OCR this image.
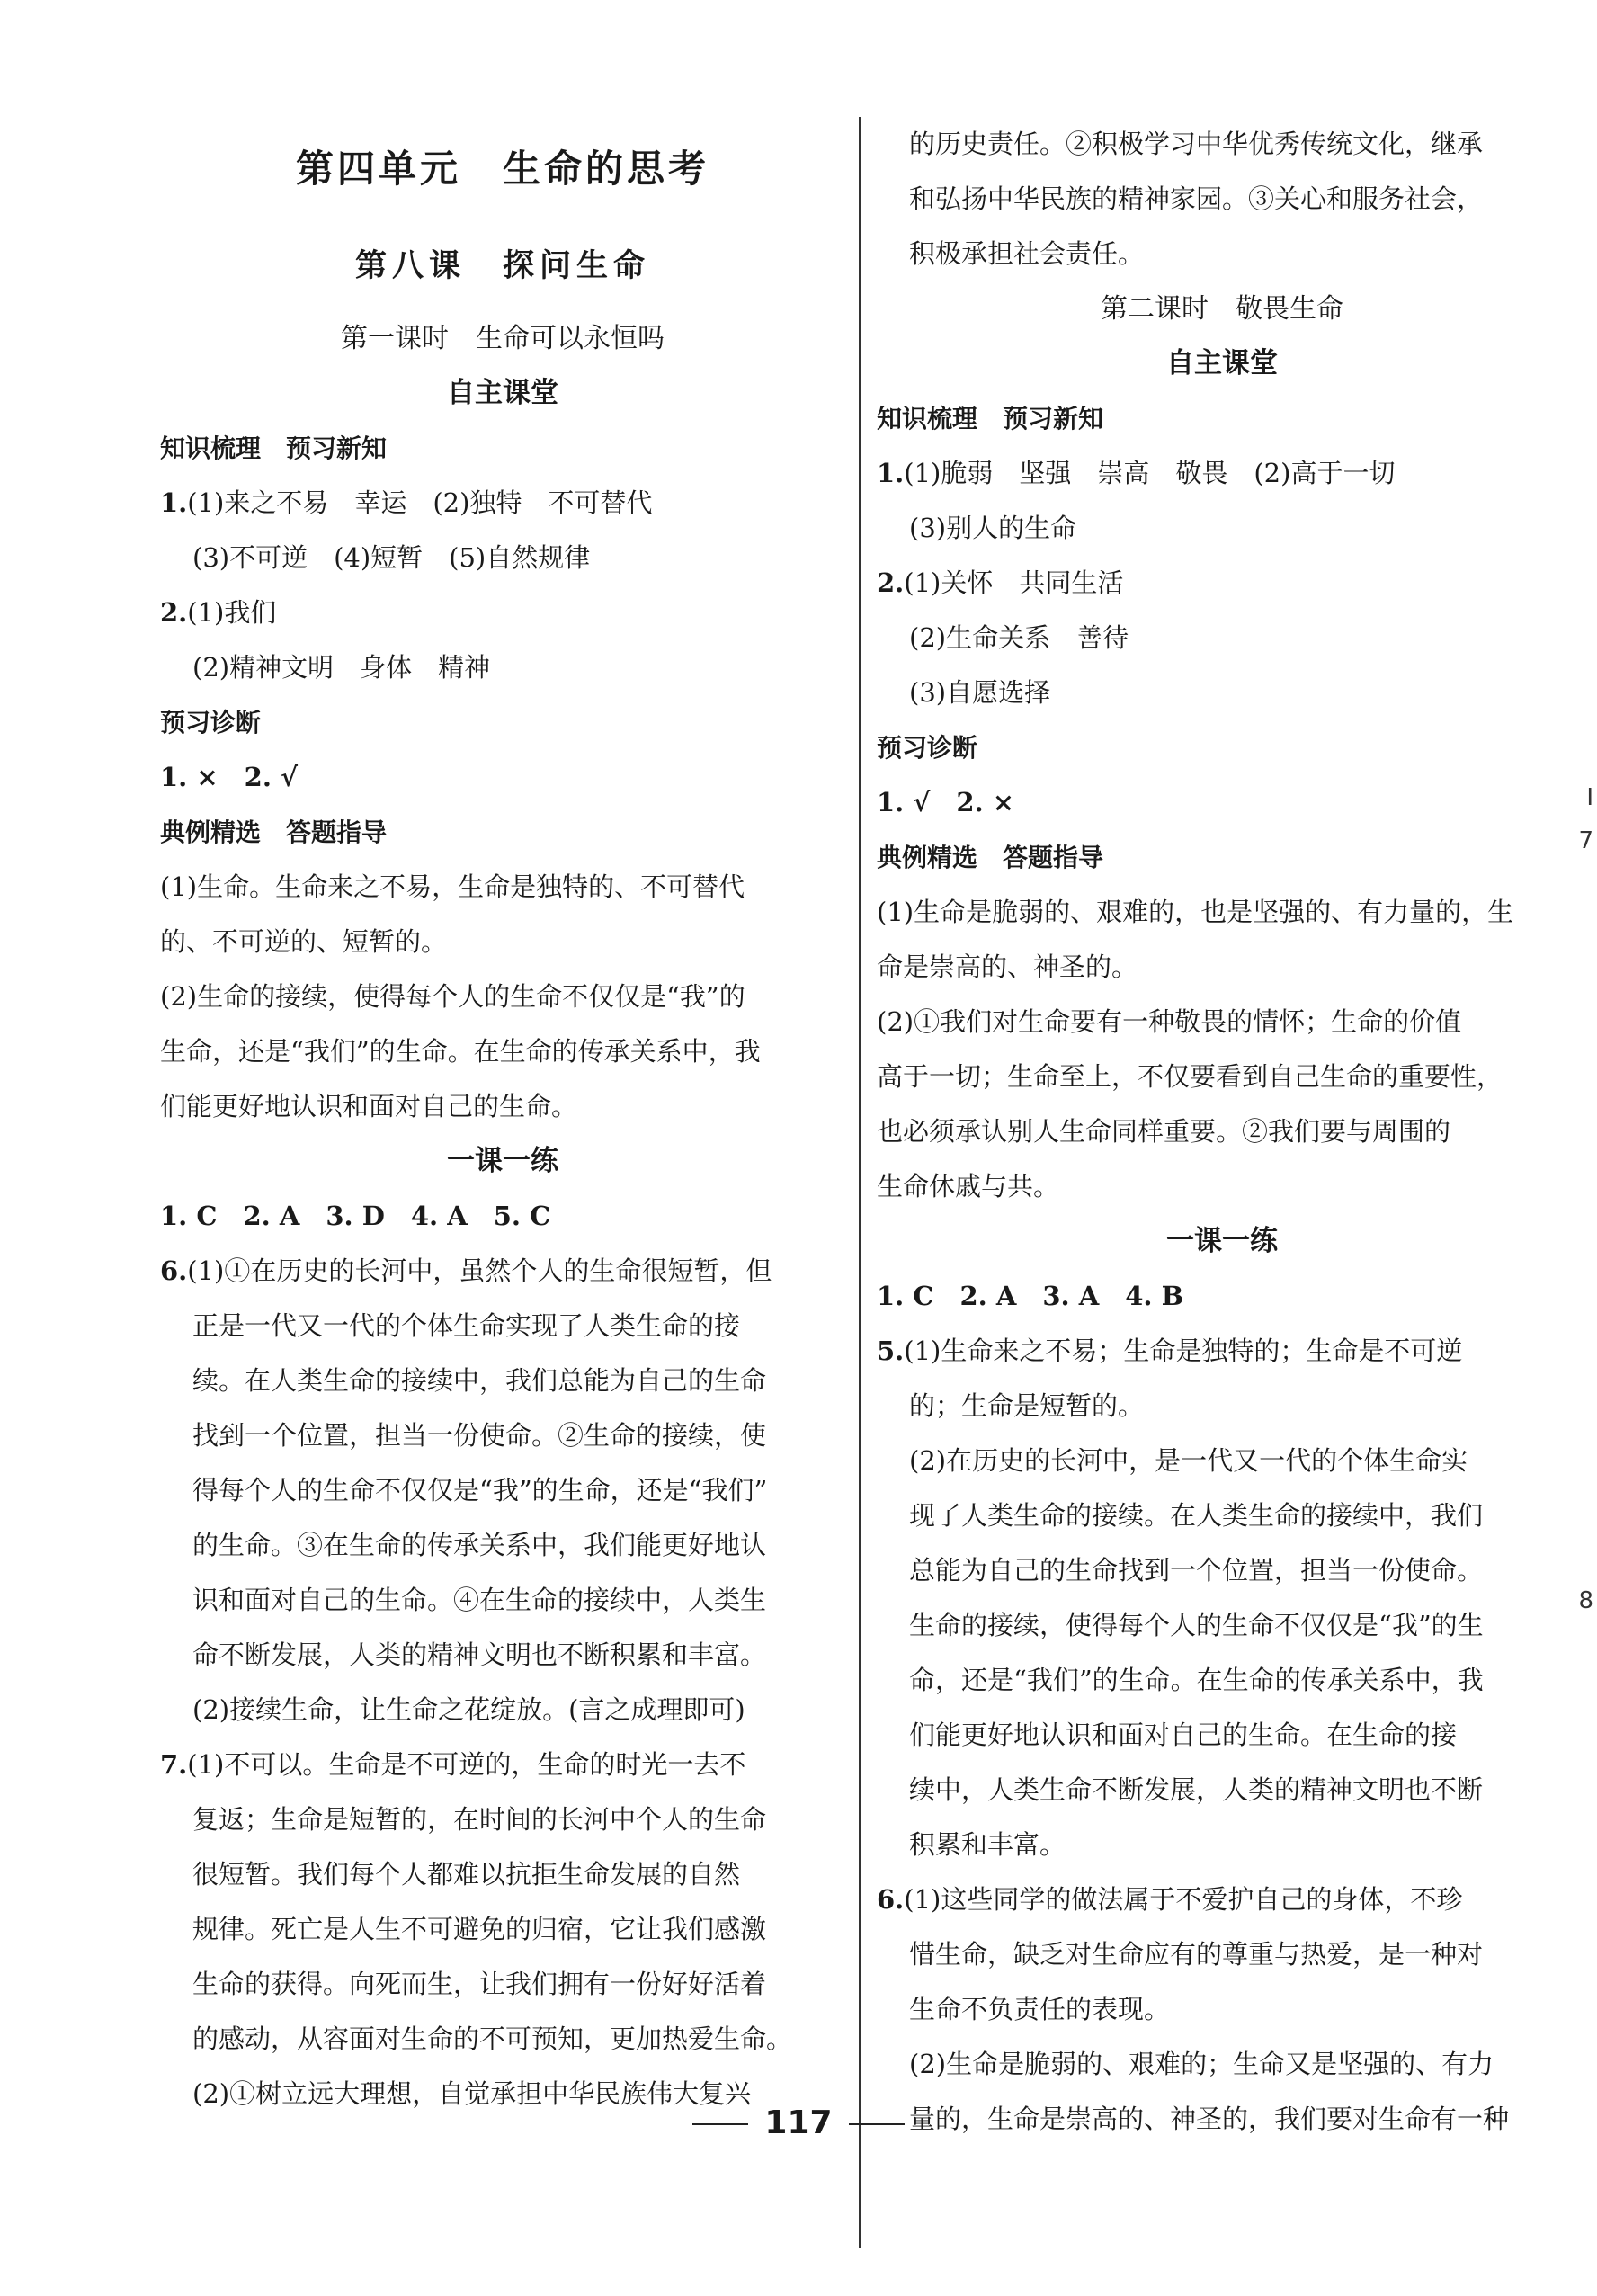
第四单元　生命的思考
第八课　探问生命
第一课时　生命可以永恒吗
自主课堂
知识梳理　预习新知
1.(1)来之不易　幸运　(2)独特　不可替代
(3)不可逆　(4)短暂　(5)自然规律
2.(1)我们
(2)精神文明　身体　精神
预习诊断
1. ×　2. √
典例精选　答题指导
(1)生命。生命来之不易，生命是独特的、不可替代
的、不可逆的、短暂的。
(2)生命的接续，使得每个人的生命不仅仅是“我”的
生命，还是“我们”的生命。在生命的传承关系中，我
们能更好地认识和面对自己的生命。
一课一练
1. C　2. A　3. D　4. A　5. C
6.(1)①在历史的长河中，虽然个人的生命很短暂，但
正是一代又一代的个体生命实现了人类生命的接
续。在人类生命的接续中，我们总能为自己的生命
找到一个位置，担当一份使命。②生命的接续，使
得每个人的生命不仅仅是“我”的生命，还是“我们”
的生命。③在生命的传承关系中，我们能更好地认
识和面对自己的生命。④在生命的接续中，人类生
命不断发展，人类的精神文明也不断积累和丰富。
(2)接续生命，让生命之花绽放。(言之成理即可)
7.(1)不可以。生命是不可逆的，生命的时光一去不
复返；生命是短暂的，在时间的长河中个人的生命
很短暂。我们每个人都难以抗拒生命发展的自然
规律。死亡是人生不可避免的归宿，它让我们感激
生命的获得。向死而生，让我们拥有一份好好活着
的感动，从容面对生命的不可预知，更加热爱生命。
(2)①树立远大理想，自觉承担中华民族伟大复兴
的历史责任。②积极学习中华优秀传统文化，继承
和弘扬中华民族的精神家园。③关心和服务社会，
积极承担社会责任。
第二课时　敬畏生命
自主课堂
知识梳理　预习新知
1.(1)脆弱　坚强　崇高　敬畏　(2)高于一切
(3)别人的生命
2.(1)关怀　共同生活
(2)生命关系　善待
(3)自愿选择
预习诊断
1. √　2. ×
典例精选　答题指导
(1)生命是脆弱的、艰难的，也是坚强的、有力量的，生
命是崇高的、神圣的。
(2)①我们对生命要有一种敬畏的情怀；生命的价值
高于一切；生命至上，不仅要看到自己生命的重要性，
也必须承认别人生命同样重要。②我们要与周围的
生命休戚与共。
一课一练
1. C　2. A　3. A　4. B
5.(1)生命来之不易；生命是独特的；生命是不可逆
的；生命是短暂的。
(2)在历史的长河中，是一代又一代的个体生命实
现了人类生命的接续。在人类生命的接续中，我们
总能为自己的生命找到一个位置，担当一份使命。
生命的接续，使得每个人的生命不仅仅是“我”的生
命，还是“我们”的生命。在生命的传承关系中，我
们能更好地认识和面对自己的生命。在生命的接
续中，人类生命不断发展，人类的精神文明也不断
积累和丰富。
6.(1)这些同学的做法属于不爱护自己的身体，不珍
惜生命，缺乏对生命应有的尊重与热爱，是一种对
生命不负责任的表现。
(2)生命是脆弱的、艰难的；生命又是坚强的、有力
量的，生命是崇高的、神圣的，我们要对生命有一种
117
I
7
8
